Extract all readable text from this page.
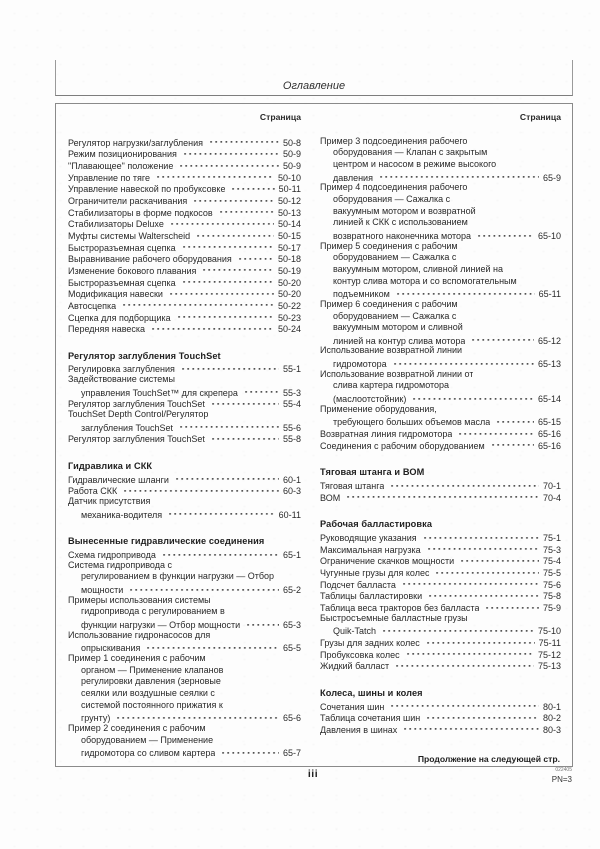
Оглавление
Страница
Регулятор нагрузки/заглубления	50-8
Режим позиционирования	50-9
"Плавающее" положение	50-9
Управление по тяге	50-10
Управление навеской по пробуксовке	50-11
Ограничители раскачивания	50-12
Стабилизаторы в форме подкосов	50-13
Стабилизаторы Deluxe	50-14
Муфты системы Walterscheid	50-15
Быстроразъемная сцепка	50-17
Выравнивание рабочего оборудования	50-18
Изменение бокового плавания	50-19
Быстроразъемная сцепка	50-20
Модификация навески	50-20
Автосцепка	50-22
Сцепка для подборщика	50-23
Передняя навеска	50-24
Регулятор заглубления TouchSet
Регулировка заглубления	55-1
Задействование системы
управления TouchSet™ для скрепера	55-3
Регулятор заглубления TouchSet	55-4
TouchSet Depth Control/Регулятор
заглубления TouchSet	55-6
Регулятор заглубления TouchSet	55-8
Гидравлика и СКК
Гидравлические шланги	60-1
Работа СКК	60-3
Датчик присутствия
механика-водителя	60-11
Вынесенные гидравлические соединения
Схема гидропривода	65-1
Система гидропривода с
регулированием в функции нагрузки — Отбор
мощности	65-2
Примеры использования системы
гидропривода с регулированием в
функции нагрузки — Отбор мощности	65-3
Использование гидронасосов для
опрыскивания	65-5
Пример 1 соединения с рабочим
органом — Применение клапанов
регулировки давления (зерновые
сеялки или воздушные сеялки с
системой постоянного прижатия к
грунту)	65-6
Пример 2 соединения с рабочим
оборудованием — Применение
гидромотора со сливом картера	65-7
Страница
Пример 3 подсоединения рабочего
оборудования — Клапан с закрытым
центром и насосом в режиме высокого
давления	65-9
Пример 4 подсоединения рабочего
оборудования — Сажалка с
вакуумным мотором и возвратной
линией к СКК с использованием
возвратного наконечника мотора	65-10
Пример 5 соединения с рабочим
оборудованием — Сажалка с
вакуумным мотором, сливной линией на
контур слива мотора и со вспомогательным
подъемником	65-11
Пример 6 соединения с рабочим
оборудованием — Сажалка с
вакуумным мотором и сливной
линией на контур слива мотора	65-12
Использование возвратной линии
гидромотора	65-13
Использование возвратной линии от
слива картера гидромотора
(маслоотстойник)	65-14
Применение оборудования,
требующего больших объемов масла	65-15
Возвратная линия гидромотора	65-16
Соединения с рабочим оборудованием	65-16
Тяговая штанга и ВОМ
Тяговая штанга	70-1
ВОМ	70-4
Рабочая балластировка
Руководящие указания	75-1
Максимальная нагрузка	75-3
Ограничение скачков мощности	75-4
Чугунные грузы для колес	75-5
Подсчет балласта	75-6
Таблицы балластировки	75-8
Таблица веса тракторов без балласта	75-9
Быстросъемные балластные грузы
Quik-Tatch	75-10
Грузы для задних колес	75-11
Пробуксовка колес	75-12
Жидкий балласт	75-13
Колеса, шины и колея
Сочетания шин	80-1
Таблица сочетания шин	80-2
Давления в шинах	80-3
Продолжение на следующей стр.
iii	022405
PN=3
